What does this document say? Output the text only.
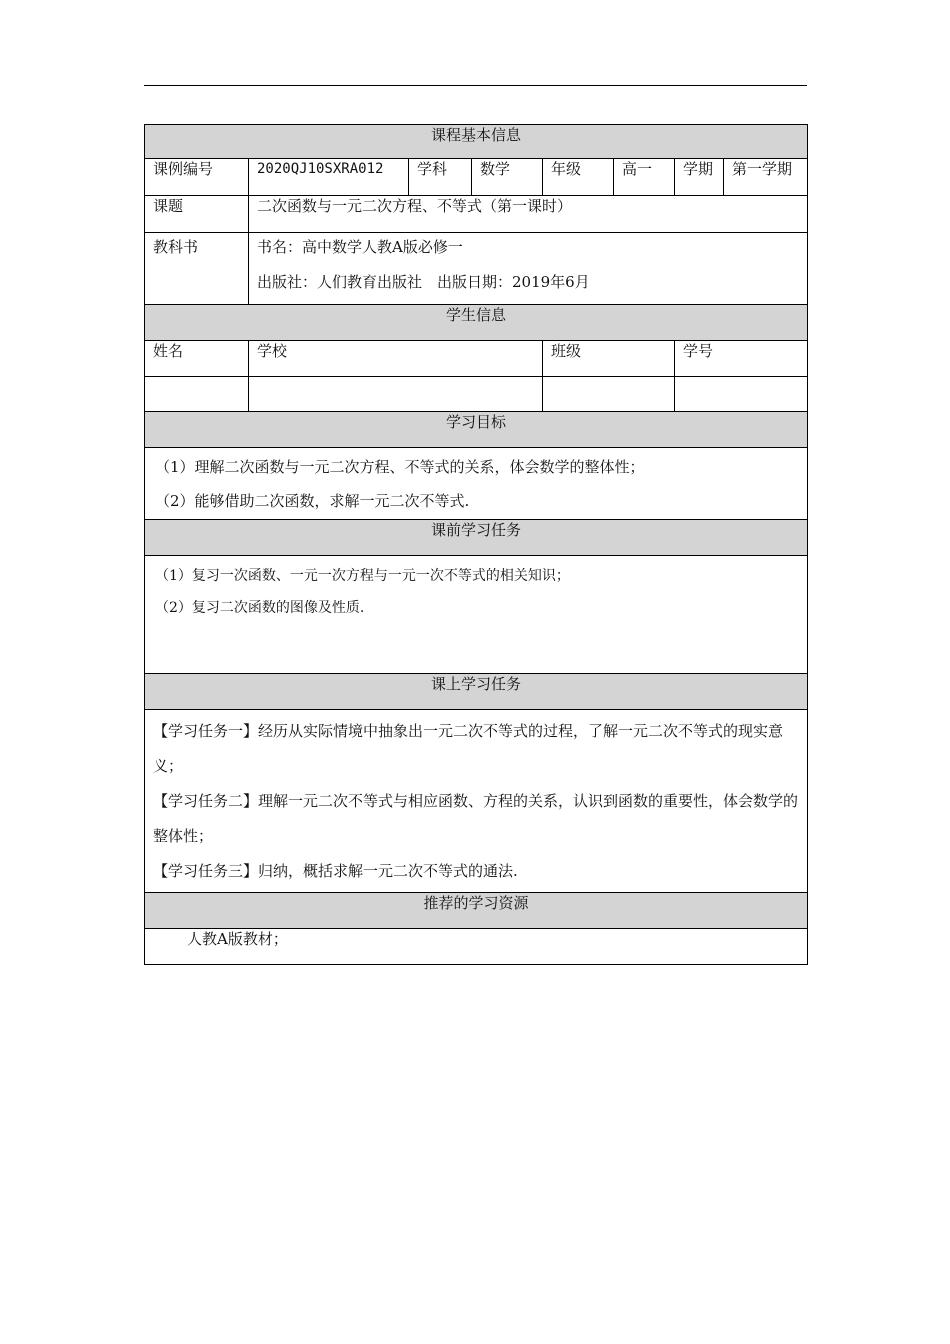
课程基本信息							
课例编号	2020QJ10SXRA012	学科	数学	年级	高一	学期	第一学期
课题	二次函数与一元二次方程、不等式（第一课时）						
教科书	书名：高中数学人教A版必修一
出版社：人们教育出版社　出版日期：2019年6月						

学生信息							
姓名	学校			班级		学号	

学习目标							

（1）理解二次函数与一元二次方程、不等式的关系，体会数学的整体性；
（2）能够借助二次函数，求解一元二次不等式.							

课前学习任务							

（1）复习一次函数、一元一次方程与一元一次不等式的相关知识；
（2）复习二次函数的图像及性质.							

课上学习任务							

【学习任务一】经历从实际情境中抽象出一元二次不等式的过程，了解一元二次不等式的现实意义；
【学习任务二】理解一元二次不等式与相应函数、方程的关系，认识到函数的重要性，体会数学的整体性；
【学习任务三】归纳，概括求解一元二次不等式的通法.							

推荐的学习资源							
人教A版教材；							
